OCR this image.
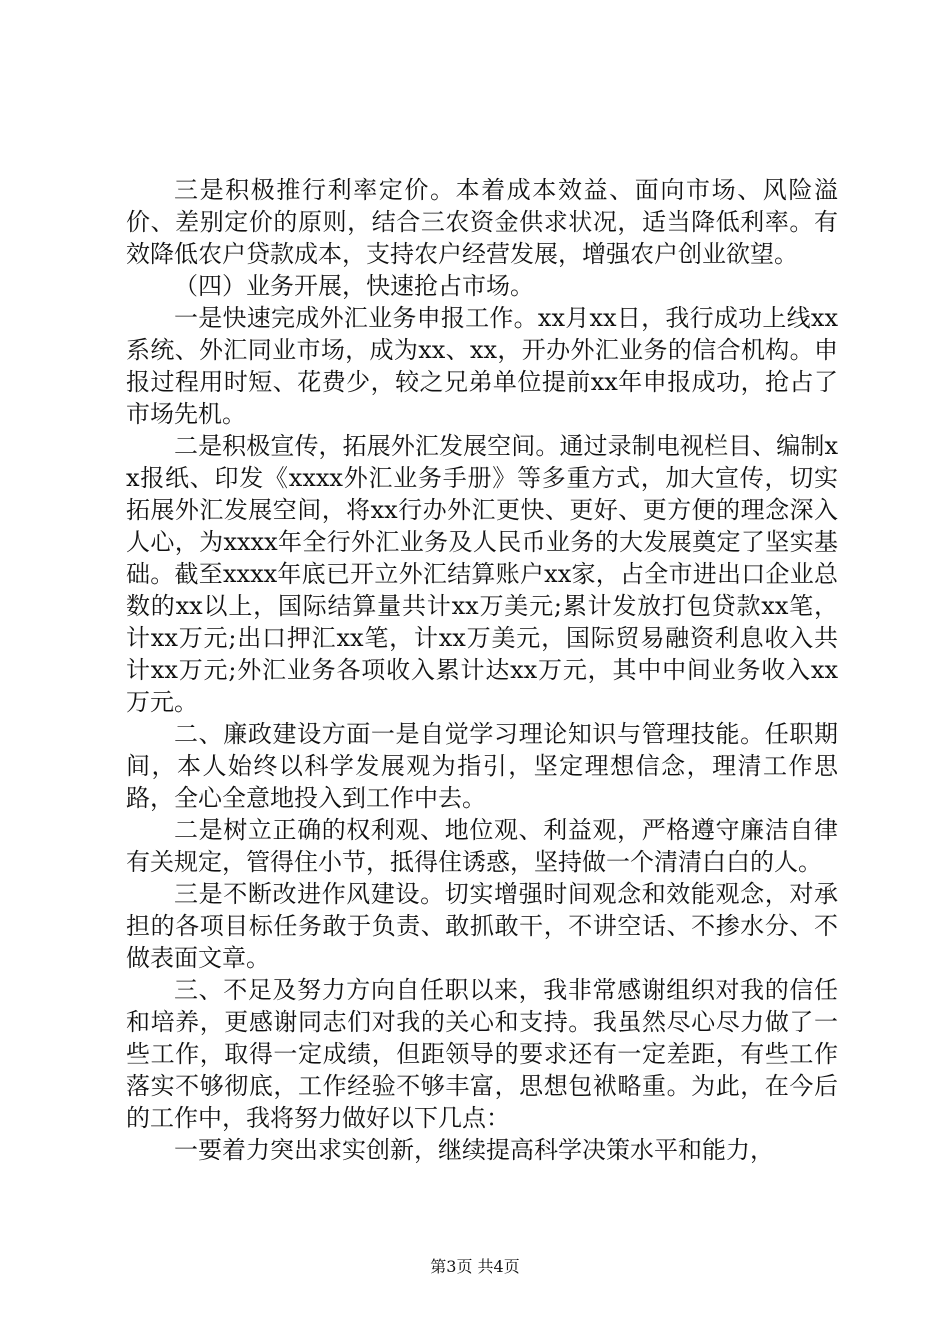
三是积极推行利率定价。本着成本效益、面向市场、风险溢价、差别定价的原则，结合三农资金供求状况，适当降低利率。有效降低农户贷款成本，支持农户经营发展，增强农户创业欲望。

（四）业务开展，快速抢占市场。

一是快速完成外汇业务申报工作。xx月xx日，我行成功上线xx系统、外汇同业市场，成为xx、xx，开办外汇业务的信合机构。申报过程用时短、花费少，较之兄弟单位提前xx年申报成功，抢占了市场先机。

二是积极宣传，拓展外汇发展空间。通过录制电视栏目、编制xx报纸、印发《xxxx外汇业务手册》等多重方式，加大宣传，切实拓展外汇发展空间，将xx行办外汇更快、更好、更方便的理念深入人心，为xxxx年全行外汇业务及人民币业务的大发展奠定了坚实基础。截至xxxx年底已开立外汇结算账户xx家，占全市进出口企业总数的xx以上，国际结算量共计xx万美元;累计发放打包贷款xx笔，计xx万元;出口押汇xx笔，计xx万美元，国际贸易融资利息收入共计xx万元;外汇业务各项收入累计达xx万元，其中中间业务收入xx万元。

二、廉政建设方面一是自觉学习理论知识与管理技能。任职期间，本人始终以科学发展观为指引，坚定理想信念，理清工作思路，全心全意地投入到工作中去。

二是树立正确的权利观、地位观、利益观，严格遵守廉洁自律有关规定，管得住小节，抵得住诱惑，坚持做一个清清白白的人。

三是不断改进作风建设。切实增强时间观念和效能观念，对承担的各项目标任务敢于负责、敢抓敢干，不讲空话、不掺水分、不做表面文章。

三、不足及努力方向自任职以来，我非常感谢组织对我的信任和培养，更感谢同志们对我的关心和支持。我虽然尽心尽力做了一些工作，取得一定成绩，但距领导的要求还有一定差距，有些工作落实不够彻底，工作经验不够丰富，思想包袱略重。为此，在今后的工作中，我将努力做好以下几点：

一要着力突出求实创新，继续提高科学决策水平和能力，

第3页 共4页
